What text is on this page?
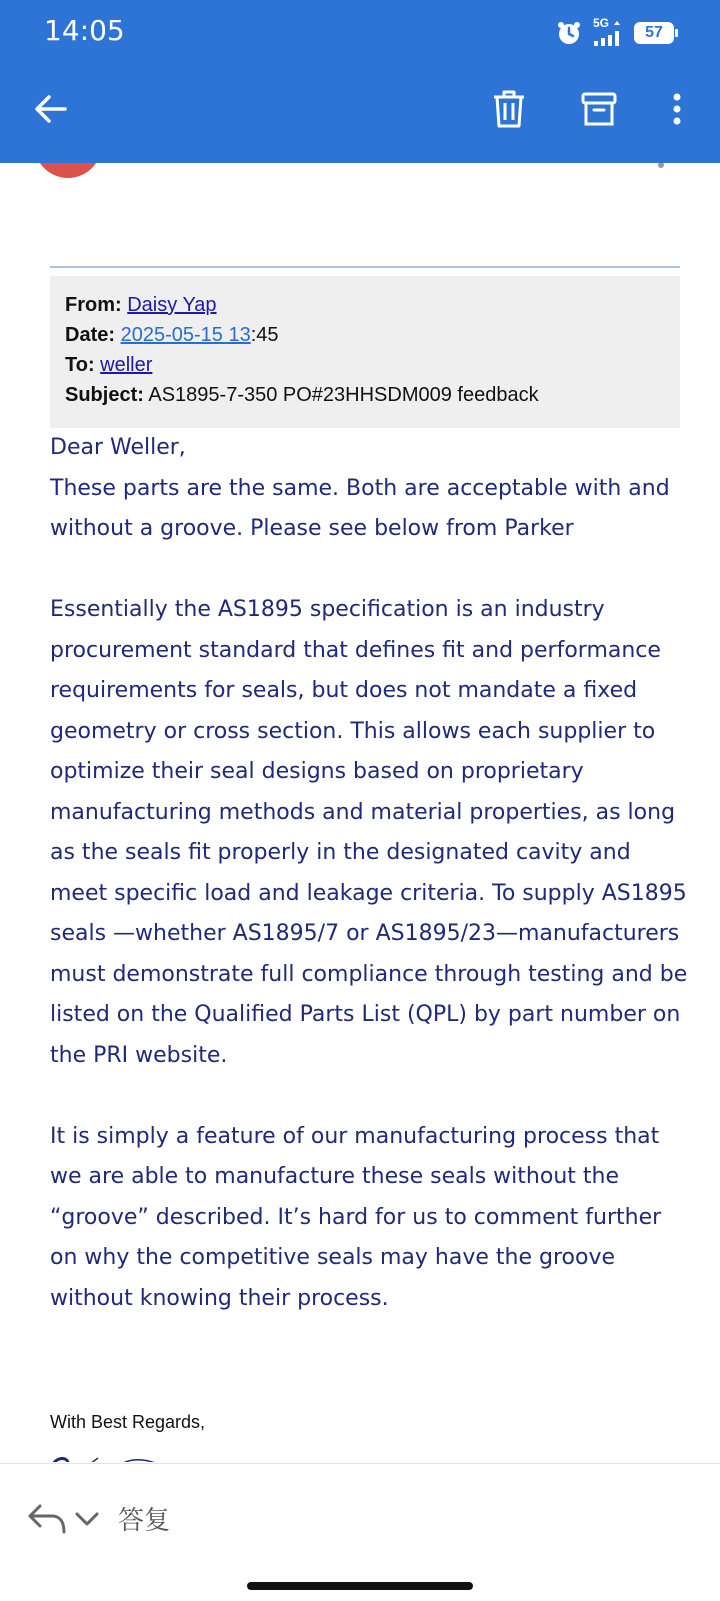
14:05	5G
57
From: Daisy Yap
Date: 2025-05-15 13:45
To: weller
Subject: AS1895-7-350 PO#23HHSDM009 feedback

Dear Weller,

These parts are the same. Both are acceptable with and without a groove. Please see below from Parker

Essentially the AS1895 specification is an industry procurement standard that defines fit and performance requirements for seals, but does not mandate a fixed geometry or cross section. This allows each supplier to optimize their seal designs based on proprietary manufacturing methods and material properties, as long as the seals fit properly in the designated cavity and meet specific load and leakage criteria. To supply AS1895 seals —whether AS1895/7 or AS1895/23—manufacturers must demonstrate full compliance through testing and be listed on the Qualified Parts List (QPL) by part number on the PRI website.

It is simply a feature of our manufacturing process that we are able to manufacture these seals without the “groove” described. It’s hard for us to comment further on why the competitive seals may have the groove without knowing their process.

With Best Regards,
答复
